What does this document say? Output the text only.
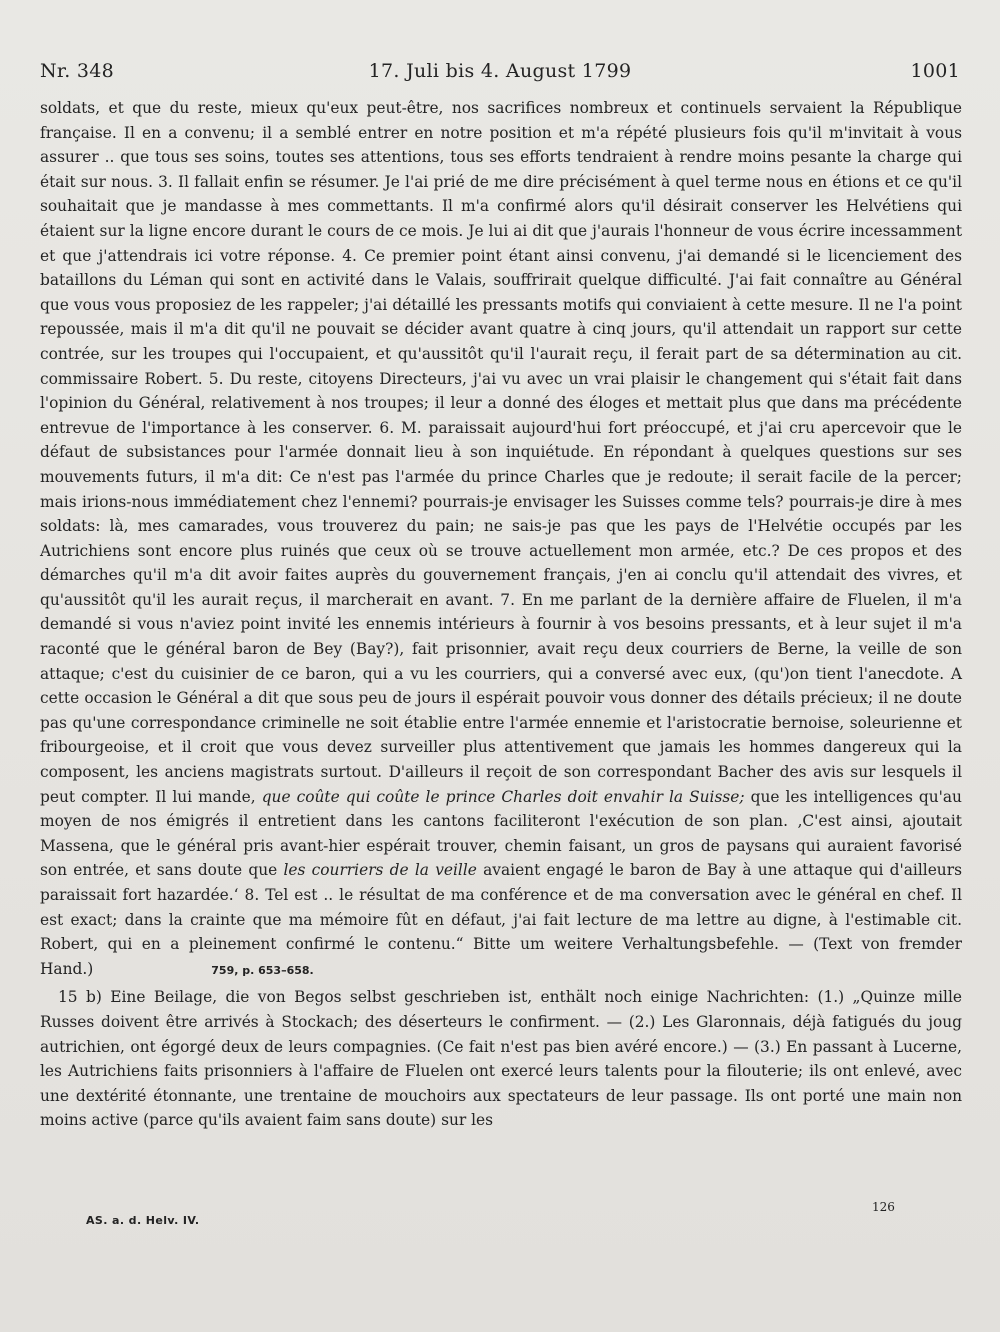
Nr. 348	17. Juli bis 4. August 1799	1001

soldats, et que du reste, mieux qu'eux peut-être, nos sacrifices nombreux et continuels servaient la République française. Il en a convenu; il a semblé entrer en notre position et m'a répété plusieurs fois qu'il m'invitait à vous assurer .. que tous ses soins, toutes ses attentions, tous ses efforts tendraient à rendre moins pesante la charge qui était sur nous. 3. Il fallait enfin se résumer. Je l'ai prié de me dire précisément à quel terme nous en étions et ce qu'il souhaitait que je mandasse à mes commettants. Il m'a confirmé alors qu'il désirait conserver les Helvétiens qui étaient sur la ligne encore durant le cours de ce mois. Je lui ai dit que j'aurais l'honneur de vous écrire incessamment et que j'attendrais ici votre réponse. 4. Ce premier point étant ainsi convenu, j'ai demandé si le licenciement des bataillons du Léman qui sont en activité dans le Valais, souffrirait quelque difficulté. J'ai fait connaître au Général que vous vous proposiez de les rappeler; j'ai détaillé les pressants motifs qui conviaient à cette mesure. Il ne l'a point repoussée, mais il m'a dit qu'il ne pouvait se décider avant quatre à cinq jours, qu'il attendait un rapport sur cette contrée, sur les troupes qui l'occupaient, et qu'aussitôt qu'il l'aurait reçu, il ferait part de sa détermination au cit. commissaire Robert. 5. Du reste, citoyens Directeurs, j'ai vu avec un vrai plaisir le changement qui s'était fait dans l'opinion du Général, relativement à nos troupes; il leur a donné des éloges et mettait plus que dans ma précédente entrevue de l'importance à les conserver. 6. M. paraissait aujourd'hui fort préoccupé, et j'ai cru apercevoir que le défaut de subsistances pour l'armée donnait lieu à son inquiétude. En répondant à quelques questions sur ses mouvements futurs, il m'a dit: Ce n'est pas l'armée du prince Charles que je redoute; il serait facile de la percer; mais irions-nous immédiatement chez l'ennemi? pourrais-je envisager les Suisses comme tels? pourrais-je dire à mes soldats: là, mes camarades, vous trouverez du pain; ne sais-je pas que les pays de l'Helvétie occupés par les Autrichiens sont encore plus ruinés que ceux où se trouve actuellement mon armée, etc.? De ces propos et des démarches qu'il m'a dit avoir faites auprès du gouvernement français, j'en ai conclu qu'il attendait des vivres, et qu'aussitôt qu'il les aurait reçus, il marcherait en avant. 7. En me parlant de la dernière affaire de Fluelen, il m'a demandé si vous n'aviez point invité les ennemis intérieurs à fournir à vos besoins pressants, et à leur sujet il m'a raconté que le général baron de Bey (Bay?), fait prisonnier, avait reçu deux courriers de Berne, la veille de son attaque; c'est du cuisinier de ce baron, qui a vu les courriers, qui a conversé avec eux, (qu')on tient l'anecdote. A cette occasion le Général a dit que sous peu de jours il espérait pouvoir vous donner des détails précieux; il ne doute pas qu'une correspondance criminelle ne soit établie entre l'armée ennemie et l'aristocratie bernoise, soleurienne et fribourgeoise, et il croit que vous devez surveiller plus attentivement que jamais les hommes dangereux qui la composent, les anciens magistrats surtout. D'ailleurs il reçoit de son correspondant Bacher des avis sur lesquels il peut compter. Il lui mande, que coûte qui coûte le prince Charles doit envahir la Suisse; que les intelligences qu'au moyen de nos émigrés il entretient dans les cantons faciliteront l'exécution de son plan. ‚C'est ainsi, ajoutait Massena, que le général pris avant-hier espérait trouver, chemin faisant, un gros de paysans qui auraient favorisé son entrée, et sans doute que les courriers de la veille avaient engagé le baron de Bay à une attaque qui d'ailleurs paraissait fort hazardée.‘ 8. Tel est .. le résultat de ma conférence et de ma conversation avec le général en chef. Il est exact; dans la crainte que ma mémoire fût en défaut, j'ai fait lecture de ma lettre au digne, à l'estimable cit. Robert, qui en a pleinement confirmé le contenu.“ Bitte um weitere Verhaltungsbefehle. — (Text von fremder Hand.)	759, p. 653–658.

15 b) Eine Beilage, die von Begos selbst geschrieben ist, enthält noch einige Nachrichten: (1.) „Quinze mille Russes doivent être arrivés à Stockach; des déserteurs le confirment. — (2.) Les Glaronnais, déjà fatigués du joug autrichien, ont égorgé deux de leurs compagnies. (Ce fait n'est pas bien avéré encore.) — (3.) En passant à Lucerne, les Autrichiens faits prisonniers à l'affaire de Fluelen ont exercé leurs talents pour la filouterie; ils ont enlevé, avec une dextérité étonnante, une trentaine de mouchoirs aux spectateurs de leur passage. Ils ont porté une main non moins active (parce qu'ils avaient faim sans doute) sur les

126
AS. a. d. Helv. IV.
